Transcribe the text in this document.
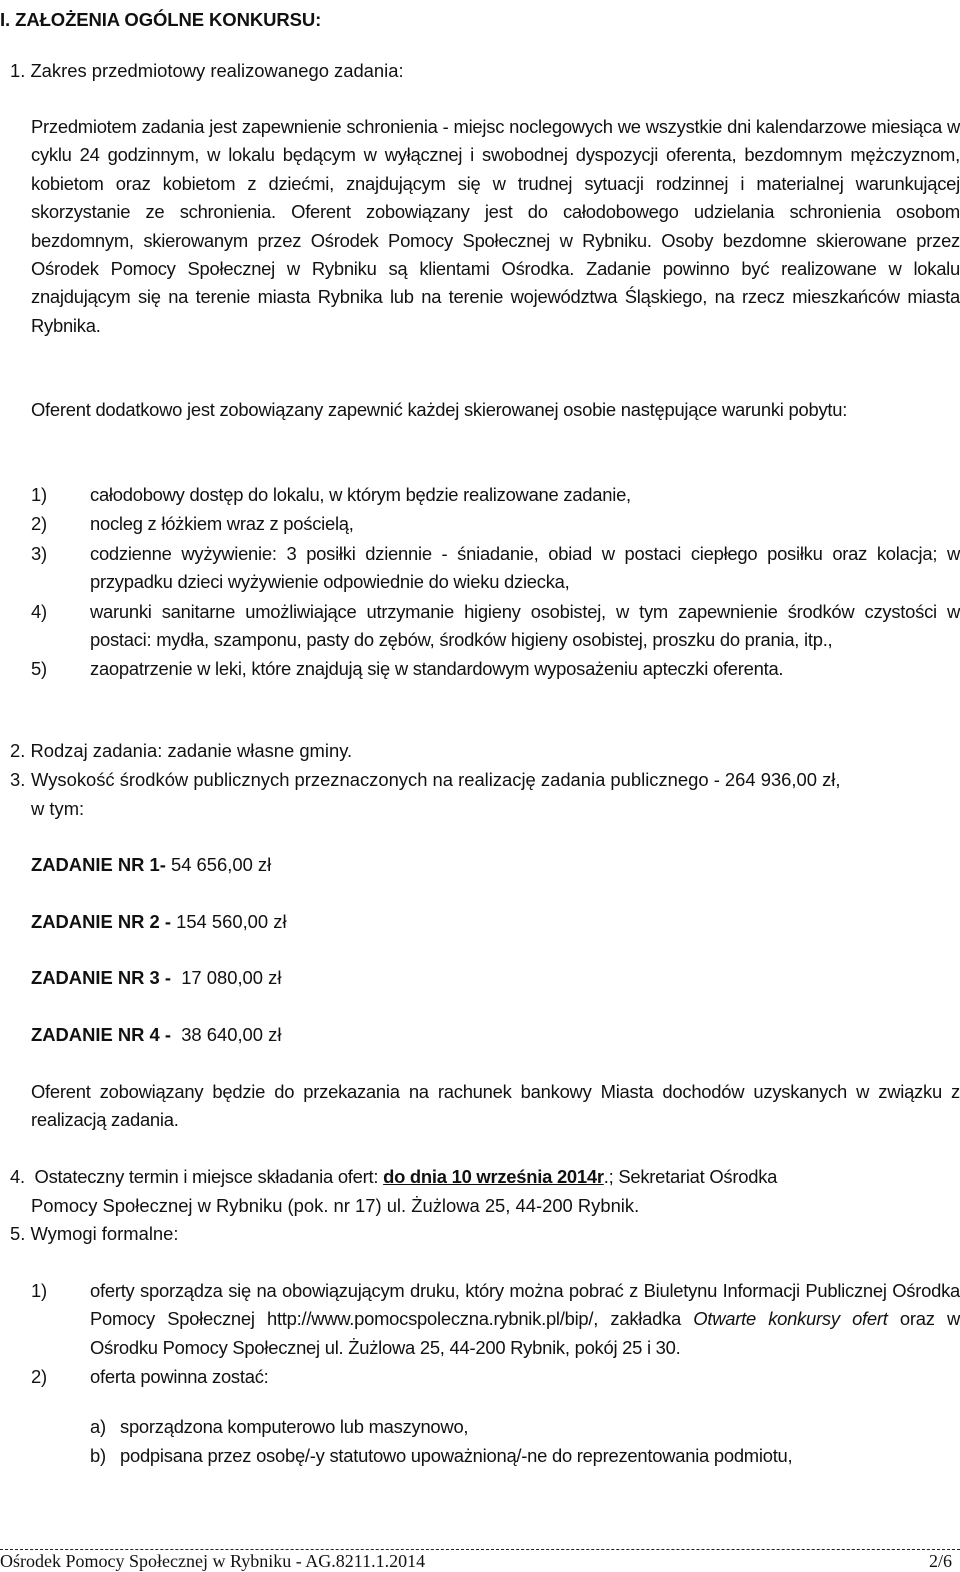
I. ZAŁOŻENIA OGÓLNE KONKURSU:
1. Zakres przedmiotowy realizowanego zadania:
Przedmiotem zadania jest zapewnienie schronienia - miejsc noclegowych we wszystkie dni kalendarzowe miesiąca w cyklu 24 godzinnym, w lokalu będącym w wyłącznej i swobodnej dyspozycji oferenta, bezdomnym mężczyznom, kobietom oraz kobietom z dziećmi, znajdującym się w trudnej sytuacji rodzinnej i materialnej warunkującej skorzystanie ze schronienia. Oferent zobowiązany jest do całodobowego udzielania schronienia osobom bezdomnym, skierowanym przez Ośrodek Pomocy Społecznej w Rybniku. Osoby bezdomne skierowane przez Ośrodek Pomocy Społecznej w Rybniku są klientami Ośrodka. Zadanie powinno być realizowane w lokalu znajdującym się na terenie miasta Rybnika lub na terenie województwa Śląskiego, na rzecz mieszkańców miasta Rybnika.
Oferent dodatkowo jest zobowiązany zapewnić każdej skierowanej osobie następujące warunki pobytu:
1) całodobowy dostęp do lokalu, w którym będzie realizowane zadanie,
2) nocleg z łóżkiem wraz z pościelą,
3) codzienne wyżywienie: 3 posiłki dziennie - śniadanie, obiad w postaci ciepłego posiłku oraz kolacja; w przypadku dzieci wyżywienie odpowiednie do wieku dziecka,
4) warunki sanitarne umożliwiające utrzymanie higieny osobistej, w tym zapewnienie środków czystości w postaci: mydła, szamponu, pasty do zębów, środków higieny osobistej, proszku do prania, itp.,
5) zaopatrzenie w leki, które znajdują się w standardowym wyposażeniu apteczki oferenta.
2. Rodzaj zadania: zadanie własne gminy.
3. Wysokość środków publicznych przeznaczonych na realizację zadania publicznego - 264 936,00 zł,
w tym:
ZADANIE NR 1- 54 656,00 zł
ZADANIE NR 2 - 154 560,00 zł
ZADANIE NR 3 -  17 080,00 zł
ZADANIE NR 4 -  38 640,00 zł
Oferent zobowiązany będzie do przekazania na rachunek bankowy Miasta dochodów uzyskanych w związku z realizacją zadania.
4.  Ostateczny termin i miejsce składania ofert: do dnia 10 września 2014r.; Sekretariat Ośrodka
Pomocy Społecznej w Rybniku (pok. nr 17) ul. Żużlowa 25, 44-200 Rybnik.
5. Wymogi formalne:
1) oferty sporządza się na obowiązującym druku, który można pobrać z Biuletynu Informacji Publicznej Ośrodka Pomocy Społecznej http://www.pomocspoleczna.rybnik.pl/bip/, zakładka Otwarte konkursy ofert oraz w Ośrodku Pomocy Społecznej ul. Żużlowa 25, 44-200 Rybnik, pokój 25 i 30.
2) oferta powinna zostać:
a) sporządzona komputerowo lub maszynowo,
b) podpisana przez osobę/-y statutowo upoważnioną/-ne do reprezentowania podmiotu,
Ośrodek Pomocy Społecznej w Rybniku - AG.8211.1.2014	2/6
